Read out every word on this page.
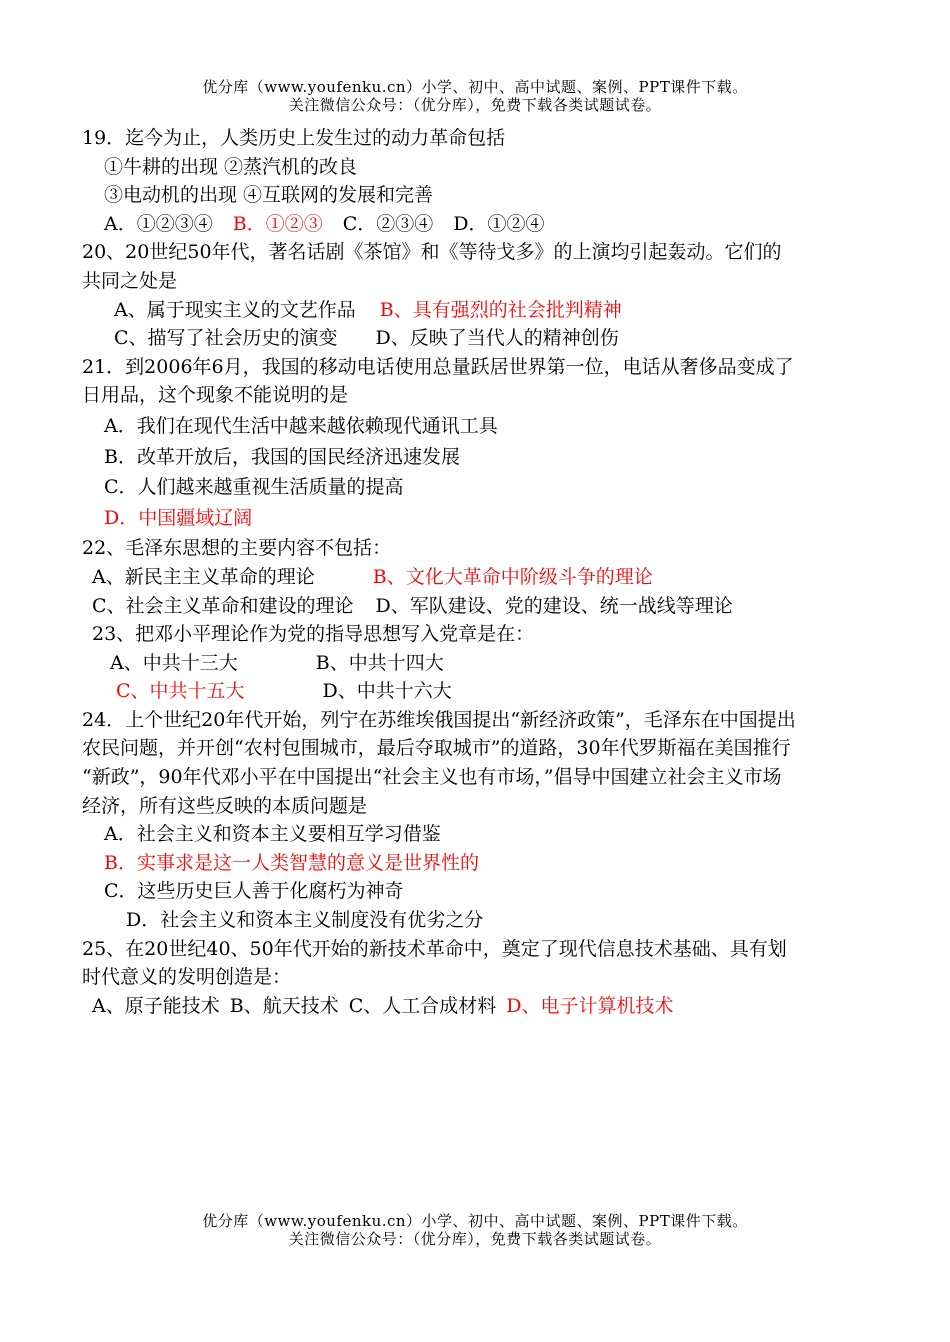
优分库（www.youfenku.cn）小学、初中、高中试题、案例、PPT课件下载。
关注微信公众号：（优分库），免费下载各类试题试卷。
19．迄今为止，人类历史上发生过的动力革命包括
①牛耕的出现 ②蒸汽机的改良
③电动机的出现 ④互联网的发展和完善
A．①②③④ B．①②③ C．②③④ D．①②④
20、20世纪50年代，著名话剧《茶馆》和《等待戈多》的上演均引起轰动。它们的
共同之处是
A、属于现实主义的文艺作品 B、具有强烈的社会批判精神
C、描写了社会历史的演变 D、反映了当代人的精神创伤
21．到2006年6月，我国的移动电话使用总量跃居世界第一位，电话从奢侈品变成了
日用品，这个现象不能说明的是
A．我们在现代生活中越来越依赖现代通讯工具
B．改革开放后，我国的国民经济迅速发展
C．人们越来越重视生活质量的提高
D．中国疆域辽阔
22、毛泽东思想的主要内容不包括：
A、新民主主义革命的理论	B、文化大革命中阶级斗争的理论
C、社会主义革命和建设的理论 D、军队建设、党的建设、统一战线等理论
23、把邓小平理论作为党的指导思想写入党章是在：
A、中共十三大	B、中共十四大
C、中共十五大	D、中共十六大
24．上个世纪20年代开始，列宁在苏维埃俄国提出“新经济政策”，毛泽东在中国提出
农民问题，并开创“农村包围城市，最后夺取城市”的道路，30年代罗斯福在美国推行
“新政”，90年代邓小平在中国提出“社会主义也有市场，”倡导中国建立社会主义市场
经济，所有这些反映的本质问题是
A．社会主义和资本主义要相互学习借鉴
B．实事求是这一人类智慧的意义是世界性的
C．这些历史巨人善于化腐朽为神奇
D．社会主义和资本主义制度没有优劣之分
25、在20世纪40、50年代开始的新技术革命中，奠定了现代信息技术基础、具有划
时代意义的发明创造是：
A、原子能技术 B、航天技术 C、人工合成材料 D、电子计算机技术
优分库（www.youfenku.cn）小学、初中、高中试题、案例、PPT课件下载。
关注微信公众号：（优分库），免费下载各类试题试卷。
